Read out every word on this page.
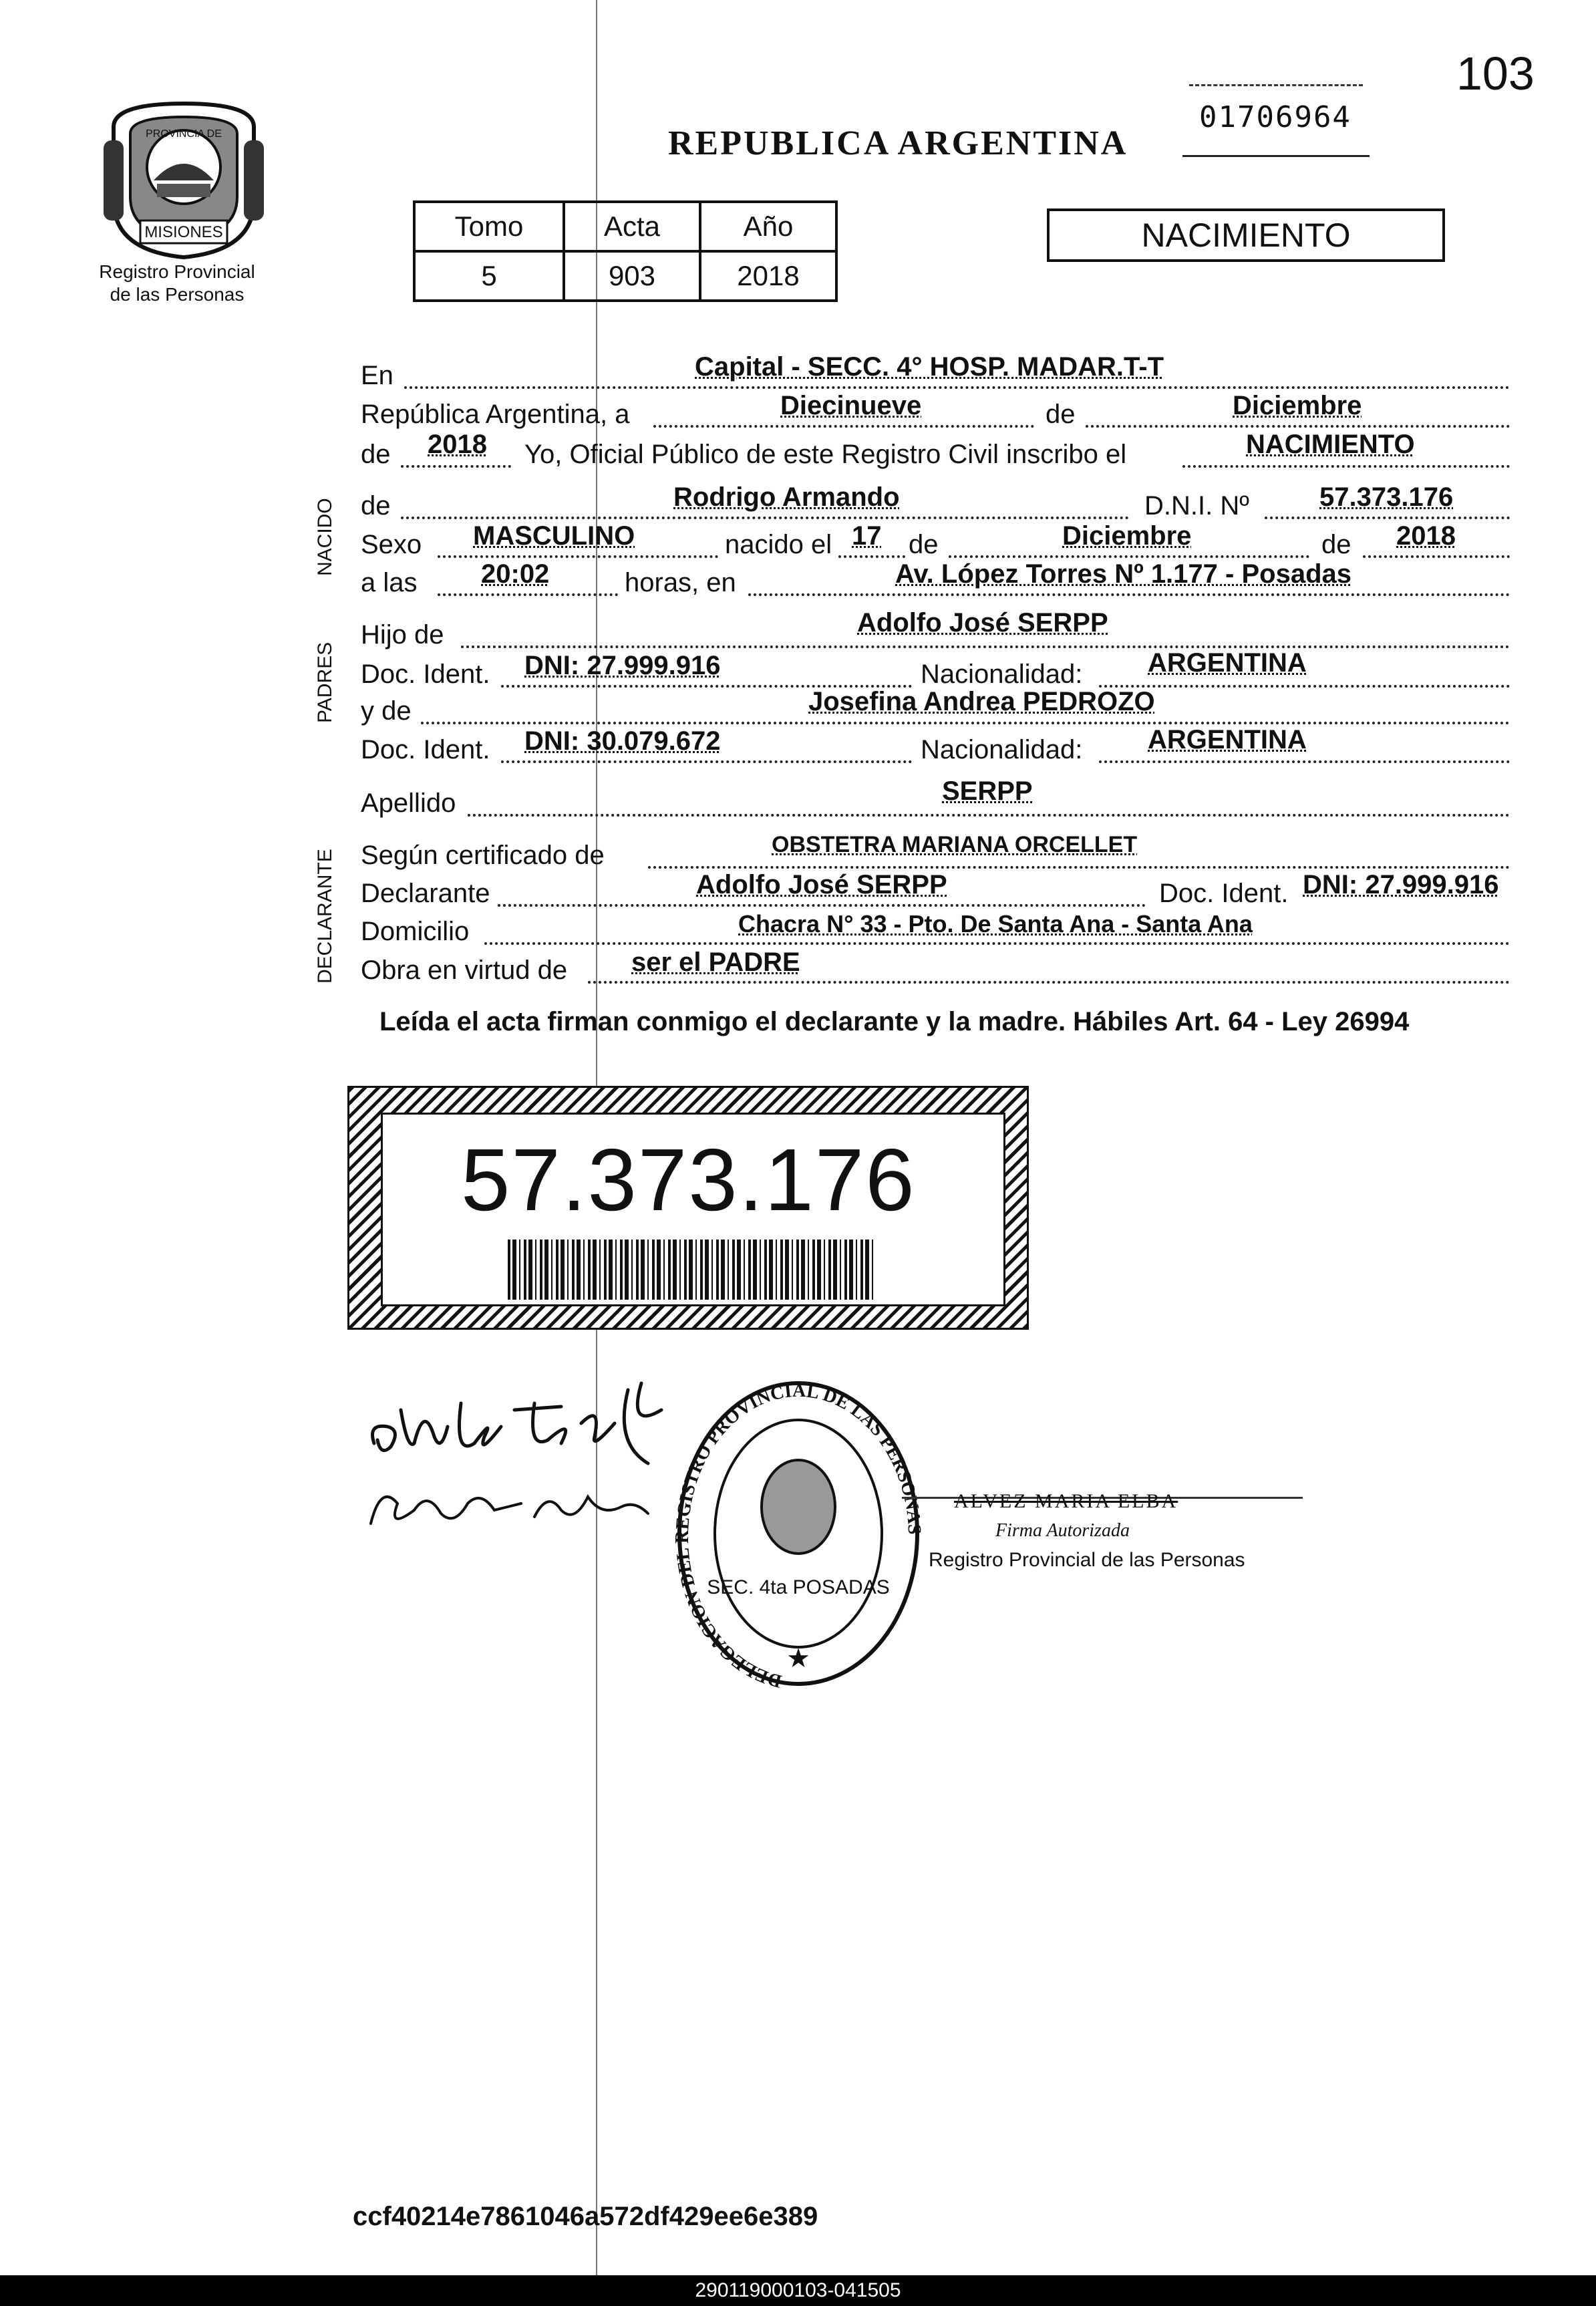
PROVINCIA DE
MISIONES
Registro Provincial
de las Personas
103
01706964
REPUBLICA ARGENTINA
Tomo	Acta	Año
5	903	2018
NACIMIENTO
NACIDO
PADRES
DECLARANTE
En	Capital - SECC. 4° HOSP. MADAR.T-T
República Argentina, a	Diecinueve	de	Diciembre
de 2018 Yo, Oficial Público de este Registro Civil inscribo el	NACIMIENTO
de	Rodrigo Armando	D.N.I. Nº	57.373.176
Sexo MASCULINO	nacido el 17 de	Diciembre	de 2018
a las 20:02	horas, en	Av. López Torres Nº 1.177 - Posadas
Hijo de	Adolfo José SERPP
Doc. Ident. DNI: 27.999.916	Nacionalidad: ARGENTINA
y de	Josefina Andrea PEDROZO
Doc. Ident. DNI: 30.079.672	Nacionalidad: ARGENTINA
Apellido	SERPP
Según certificado de	OBSTETRA MARIANA ORCELLET
Declarante	Adolfo José SERPP	Doc. Ident. DNI: 27.999.916
Domicilio	Chacra N° 33 - Pto. De Santa Ana - Santa Ana
Obra en virtud de ser el PADRE
Leída el acta firman conmigo el declarante y la madre. Hábiles Art. 64 - Ley 26994
57.373.176
DELEGACION DEL REGISTRO PROVINCIAL DE LAS PERSONAS
SEC. 4ta POSADAS
★
ALVEZ MARIA ELBA
Firma Autorizada
Registro Provincial de las Personas
ccf40214e7861046a572df429ee6e389
290119000103-041505
